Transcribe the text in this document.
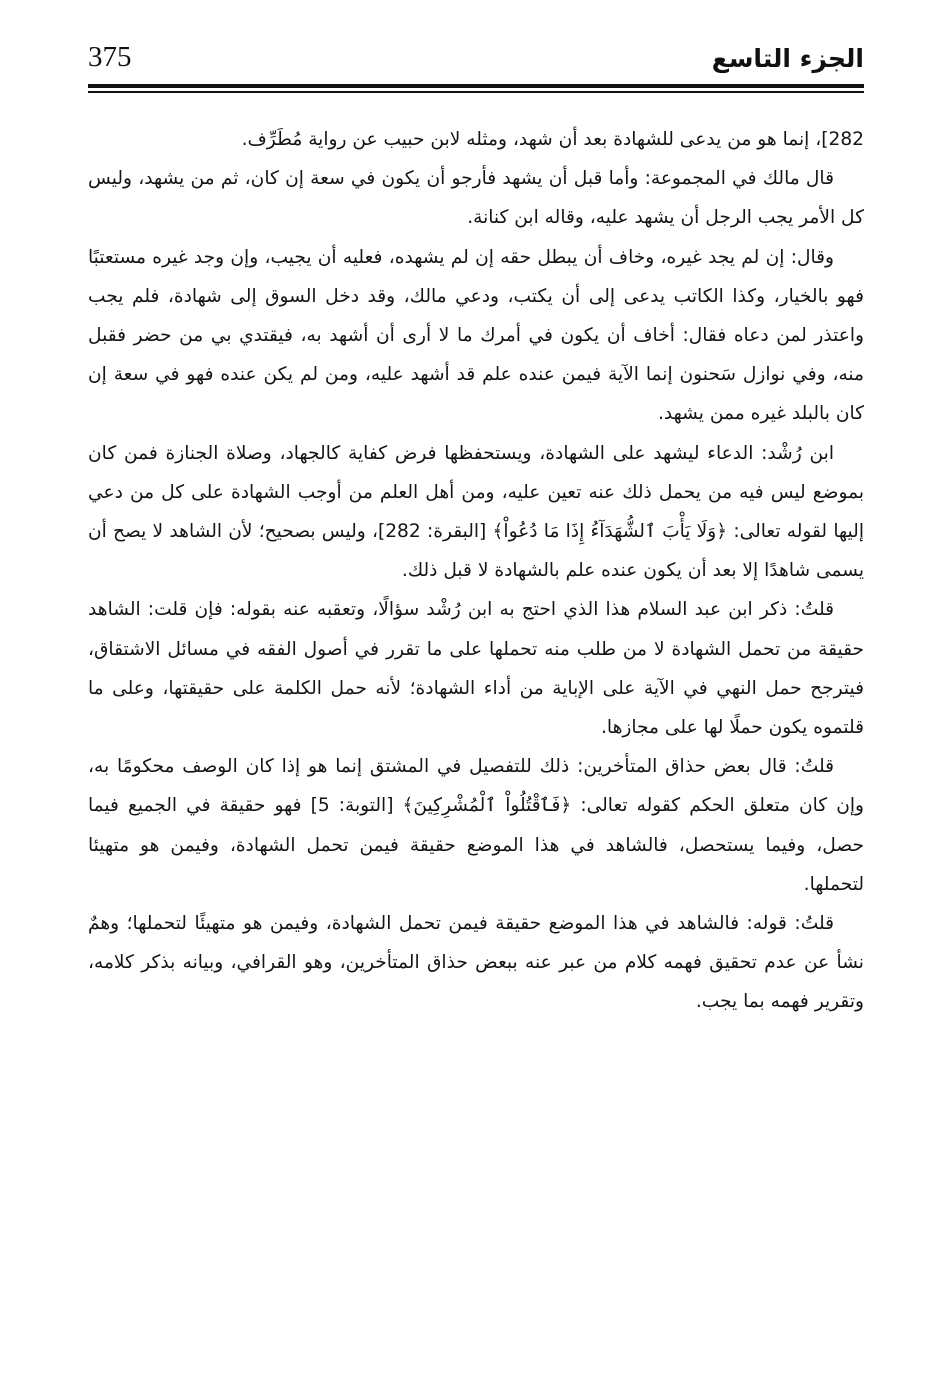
375	الجزء التاسع

282]، إنما هو من يدعى للشهادة بعد أن شهد، ومثله لابن حبيب عن رواية مُطَرِّف.

قال مالك في المجموعة: وأما قبل أن يشهد فأرجو أن يكون في سعة إن كان، ثم من يشهد، وليس كل الأمر يجب الرجل أن يشهد عليه، وقاله ابن كنانة.

وقال: إن لم يجد غيره، وخاف أن يبطل حقه إن لم يشهده، فعليه أن يجيب، وإن وجد غيره مستعتبًا فهو بالخيار، وكذا الكاتب يدعى إلى أن يكتب، ودعي مالك، وقد دخل السوق إلى شهادة، فلم يجب واعتذر لمن دعاه فقال: أخاف أن يكون في أمرك ما لا أرى أن أشهد به، فيقتدي بي من حضر فقبل منه، وفي نوازل سَحنون إنما الآية فيمن عنده علم قد أشهد عليه، ومن لم يكن عنده فهو في سعة إن كان بالبلد غيره ممن يشهد.

ابن رُشْد: الدعاء ليشهد على الشهادة، ويستحفظها فرض كفاية كالجهاد، وصلاة الجنازة فمن كان بموضع ليس فيه من يحمل ذلك عنه تعين عليه، ومن أهل العلم من أوجب الشهادة على كل من دعي إليها لقوله تعالى: ﴿وَلَا يَأْبَ ٱلشُّهَدَآءُ إِذَا مَا دُعُواْ﴾ [البقرة: 282]، وليس بصحيح؛ لأن الشاهد لا يصح أن يسمى شاهدًا إلا بعد أن يكون عنده علم بالشهادة لا قبل ذلك.

قلتُ: ذكر ابن عبد السلام هذا الذي احتج به ابن رُشْد سؤالًا، وتعقبه عنه بقوله: فإن قلت: الشاهد حقيقة من تحمل الشهادة لا من طلب منه تحملها على ما تقرر في أصول الفقه في مسائل الاشتقاق، فيترجح حمل النهي في الآية على الإباية من أداء الشهادة؛ لأنه حمل الكلمة على حقيقتها، وعلى ما قلتموه يكون حملًا لها على مجازها.

قلتُ: قال بعض حذاق المتأخرين: ذلك للتفصيل في المشتق إنما هو إذا كان الوصف محكومًا به، وإن كان متعلق الحكم كقوله تعالى: ﴿فَٱقْتُلُواْ ٱلْمُشْرِكِينَ﴾ [التوبة: 5] فهو حقيقة في الجميع فيما حصل، وفيما يستحصل، فالشاهد في هذا الموضع حقيقة فيمن تحمل الشهادة، وفيمن هو متهيئا لتحملها.

قلتُ: قوله: فالشاهد في هذا الموضع حقيقة فيمن تحمل الشهادة، وفيمن هو متهيئًا لتحملها؛ وهمٌ نشأ عن عدم تحقيق فهمه كلام من عبر عنه ببعض حذاق المتأخرين، وهو القرافي، وبيانه بذكر كلامه، وتقرير فهمه بما يجب.
